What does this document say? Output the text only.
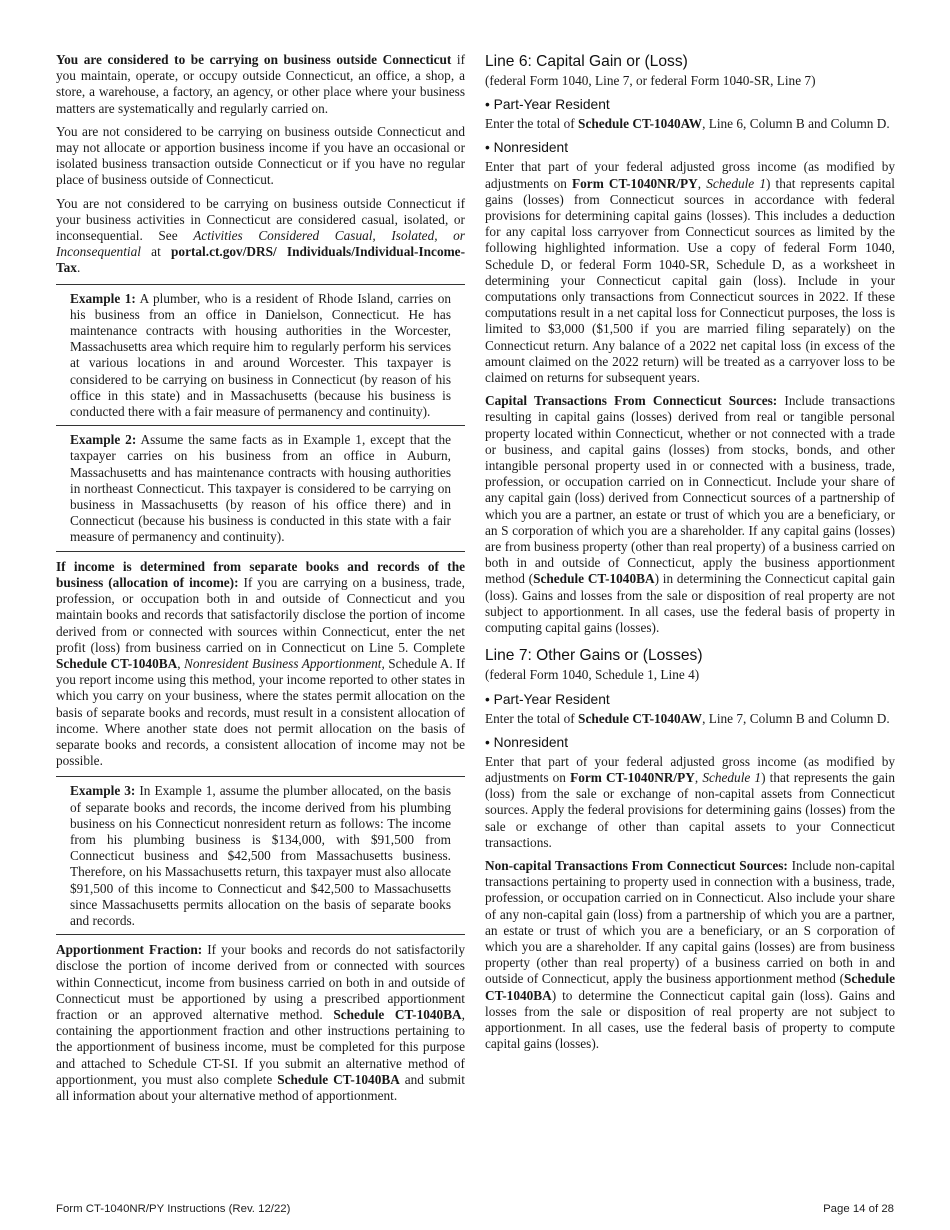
You are considered to be carrying on business outside Connecticut if you maintain, operate, or occupy outside Connecticut, an office, a shop, a store, a warehouse, a factory, an agency, or other place where your business matters are systematically and regularly carried on.

You are not considered to be carrying on business outside Connecticut and may not allocate or apportion business income if you have an occasional or isolated business transaction outside Connecticut or if you have no regular place of business outside of Connecticut.

You are not considered to be carrying on business outside Connecticut if your business activities in Connecticut are considered casual, isolated, or inconsequential. See Activities Considered Casual, Isolated, or Inconsequential at portal.ct.gov/DRS/ Individuals/Individual-Income-Tax.

Example 1: A plumber, who is a resident of Rhode Island, carries on his business from an office in Danielson, Connecticut. He has maintenance contracts with housing authorities in the Worcester, Massachusetts area which require him to regularly perform his services at various locations in and around Worcester. This taxpayer is considered to be carrying on business in Connecticut (by reason of his office in this state) and in Massachusetts (because his business is conducted there with a fair measure of permanency and continuity).

Example 2: Assume the same facts as in Example 1, except that the taxpayer carries on his business from an office in Auburn, Massachusetts and has maintenance contracts with housing authorities in northeast Connecticut. This taxpayer is considered to be carrying on business in Massachusetts (by reason of his office there) and in Connecticut (because his business is conducted in this state with a fair measure of permanency and continuity).

If income is determined from separate books and records of the business (allocation of income): If you are carrying on a business, trade, profession, or occupation both in and outside of Connecticut and you maintain books and records that satisfactorily disclose the portion of income derived from or connected with sources within Connecticut, enter the net profit (loss) from business carried on in Connecticut on Line 5. Complete Schedule CT-1040BA, Nonresident Business Apportionment, Schedule A. If you report income using this method, your income reported to other states in which you carry on your business, where the states permit allocation on the basis of separate books and records, must result in a consistent allocation of income. Where another state does not permit allocation on the basis of separate books and records, a consistent allocation of income may not be possible.

Example 3: In Example 1, assume the plumber allocated, on the basis of separate books and records, the income derived from his plumbing business on his Connecticut nonresident return as follows: The income from his plumbing business is $134,000, with $91,500 from Connecticut business and $42,500 from Massachusetts business. Therefore, on his Massachusetts return, this taxpayer must also allocate $91,500 of this income to Connecticut and $42,500 to Massachusetts since Massachusetts permits allocation on the basis of separate books and records.

Apportionment Fraction: If your books and records do not satisfactorily disclose the portion of income derived from or connected with sources within Connecticut, income from business carried on both in and outside of Connecticut must be apportioned by using a prescribed apportionment fraction or an approved alternative method. Schedule CT-1040BA, containing the apportionment fraction and other instructions pertaining to the apportionment of business income, must be completed for this purpose and attached to Schedule CT-SI. If you submit an alternative method of apportionment, you must also complete Schedule CT-1040BA and submit all information about your alternative method of apportionment.

Line 6: Capital Gain or (Loss)
(federal Form 1040, Line 7, or federal Form 1040-SR, Line 7)
• Part-Year Resident

Enter the total of Schedule CT-1040AW, Line 6, Column B and Column D.

• Nonresident

Enter that part of your federal adjusted gross income (as modified by adjustments on Form CT-1040NR/PY, Schedule 1) that represents capital gains (losses) from Connecticut sources in accordance with federal provisions for determining capital gains (losses). This includes a deduction for any capital loss carryover from Connecticut sources as limited by the following highlighted information. Use a copy of federal Form 1040, Schedule D, or federal Form 1040-SR, Schedule D, as a worksheet in determining your Connecticut capital gain (loss). Include in your computations only transactions from Connecticut sources in 2022. If these computations result in a net capital loss for Connecticut purposes, the loss is limited to $3,000 ($1,500 if you are married filing separately) on the Connecticut return. Any balance of a 2022 net capital loss (in excess of the amount claimed on the 2022 return) will be treated as a carryover loss to be claimed on returns for subsequent years.

Capital Transactions From Connecticut Sources: Include transactions resulting in capital gains (losses) derived from real or tangible personal property located within Connecticut, whether or not connected with a trade or business, and capital gains (losses) from stocks, bonds, and other intangible personal property used in or connected with a business, trade, profession, or occupation carried on in Connecticut. Include your share of any capital gain (loss) derived from Connecticut sources of a partnership of which you are a partner, an estate or trust of which you are a beneficiary, or an S corporation of which you are a shareholder. If any capital gains (losses) are from business property (other than real property) of a business carried on both in and outside of Connecticut, apply the business apportionment method (Schedule CT-1040BA) in determining the Connecticut capital gain (loss). Gains and losses from the sale or disposition of real property are not subject to apportionment. In all cases, use the federal basis of property in computing capital gains (losses).

Line 7: Other Gains or (Losses)
(federal Form 1040, Schedule 1, Line 4)
• Part-Year Resident

Enter the total of Schedule CT-1040AW, Line 7, Column B and Column D.

• Nonresident

Enter that part of your federal adjusted gross income (as modified by adjustments on Form CT-1040NR/PY, Schedule 1) that represents the gain (loss) from the sale or exchange of non-capital assets from Connecticut sources. Apply the federal provisions for determining gains (losses) from the sale or exchange of other than capital assets to your Connecticut transactions.

Non-capital Transactions From Connecticut Sources: Include non-capital transactions pertaining to property used in connection with a business, trade, profession, or occupation carried on in Connecticut. Also include your share of any non-capital gain (loss) from a partnership of which you are a partner, an estate or trust of which you are a beneficiary, or an S corporation of which you are a shareholder. If any capital gains (losses) are from business property (other than real property) of a business carried on both in and outside of Connecticut, apply the business apportionment method (Schedule CT-1040BA) to determine the Connecticut capital gain (loss). Gains and losses from the sale or disposition of real property are not subject to apportionment. In all cases, use the federal basis of property to compute capital gains (losses).

Form CT-1040NR/PY Instructions (Rev. 12/22)	Page 14 of 28
